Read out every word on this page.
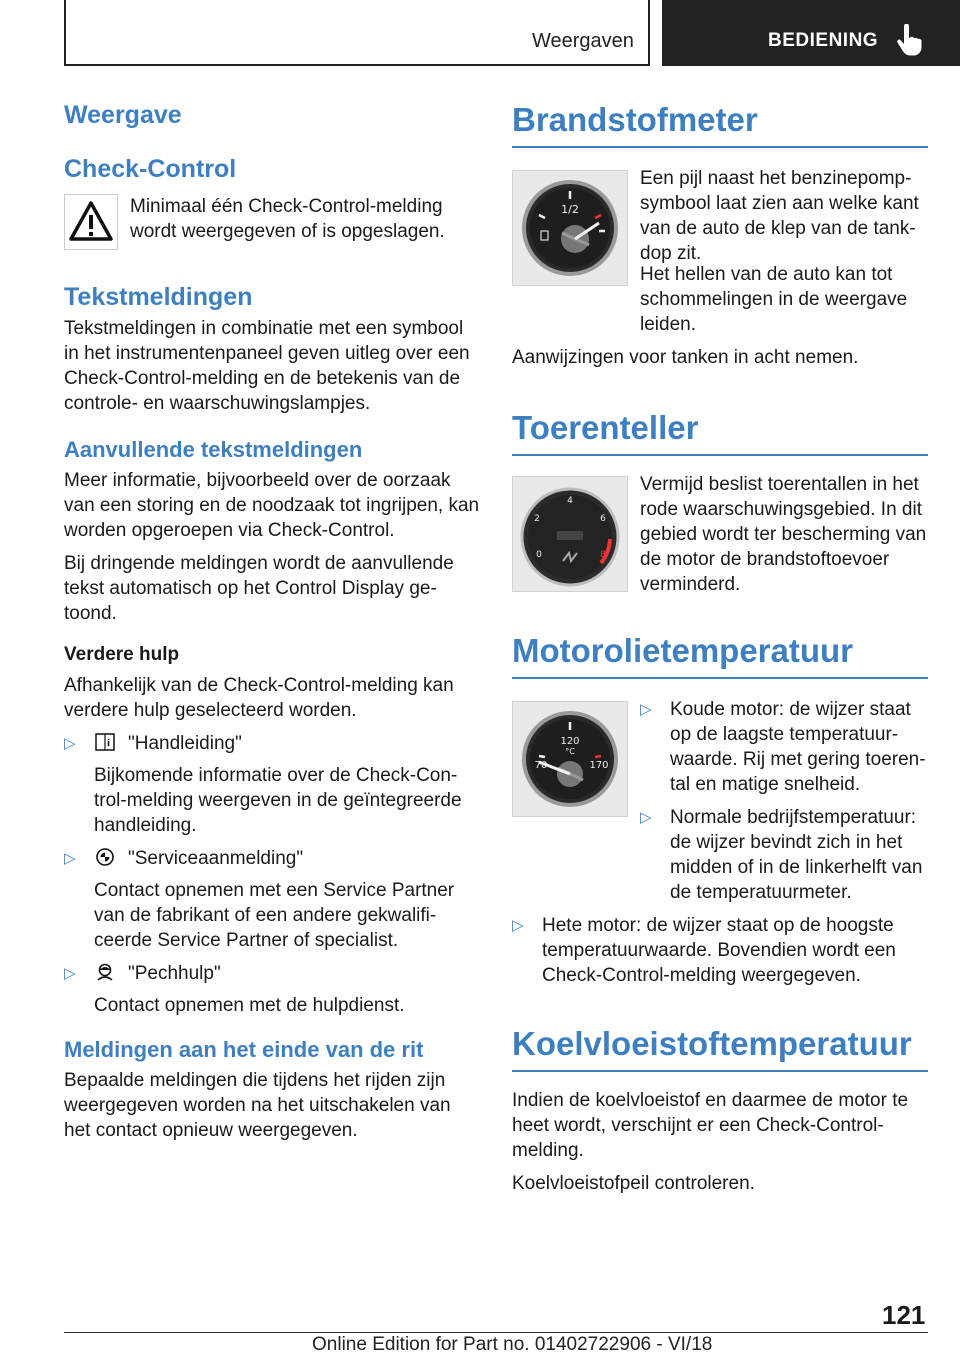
Weergaven	BEDIENING
Weergave
Check-Control
Minimaal één Check-Control-melding wordt weergegeven of is opgeslagen.
Tekstmeldingen
Tekstmeldingen in combinatie met een symbool in het instrumentenpaneel geven uitleg over een Check-Control-melding en de betekenis van de controle- en waarschuwingslampjes.
Aanvullende tekstmeldingen
Meer informatie, bijvoorbeeld over de oorzaak van een storing en de noodzaak tot ingrijpen, kan worden opgeroepen via Check-Control.
Bij dringende meldingen wordt de aanvullende tekst automatisch op het Control Display ge-toond.
Verdere hulp
Afhankelijk van de Check-Control-melding kan verdere hulp geselecteerd worden.
▷	i "Handleiding"
Bijkomende informatie over de Check-Con-trol-melding weergeven in de geïntegreerde handleiding.
▷	"Serviceaanmelding"
Contact opnemen met een Service Partner van de fabrikant of een andere gekwalifi-ceerde Service Partner of specialist.
▷	"Pechhulp"
Contact opnemen met de hulpdienst.
Meldingen aan het einde van de rit
Bepaalde meldingen die tijdens het rijden zijn weergegeven worden na het uitschakelen van het contact opnieuw weergegeven.
Brandstofmeter
1/2
Een pijl naast het benzinepomp-symbool laat zien aan welke kant van de auto de klep van de tank-dop zit.
Het hellen van de auto kan tot schommelingen in de weergave leiden.
Aanwijzingen voor tanken in acht nemen.
Toerenteller
0
2
4
6
8
Vermijd beslist toerentallen in het rode waarschuwingsgebied. In dit gebied wordt ter bescherming van de motor de brandstoftoevoer verminderd.
Motorolietemperatuur
120
°C
70	170
▷ Koude motor: de wijzer staat op de laagste temperatuur-waarde. Rij met gering toeren-tal en matige snelheid.
▷ Normale bedrijfstemperatuur: de wijzer bevindt zich in het midden of in de linkerhelft van de temperatuurmeter.
▷ Hete motor: de wijzer staat op de hoogste temperatuurwaarde. Bovendien wordt een Check-Control-melding weergegeven.
Koelvloeistoftemperatuur
Indien de koelvloeistof en daarmee de motor te heet wordt, verschijnt er een Check-Control-melding.
Koelvloeistofpeil controleren.
121
Online Edition for Part no. 01402722906 - VI/18
